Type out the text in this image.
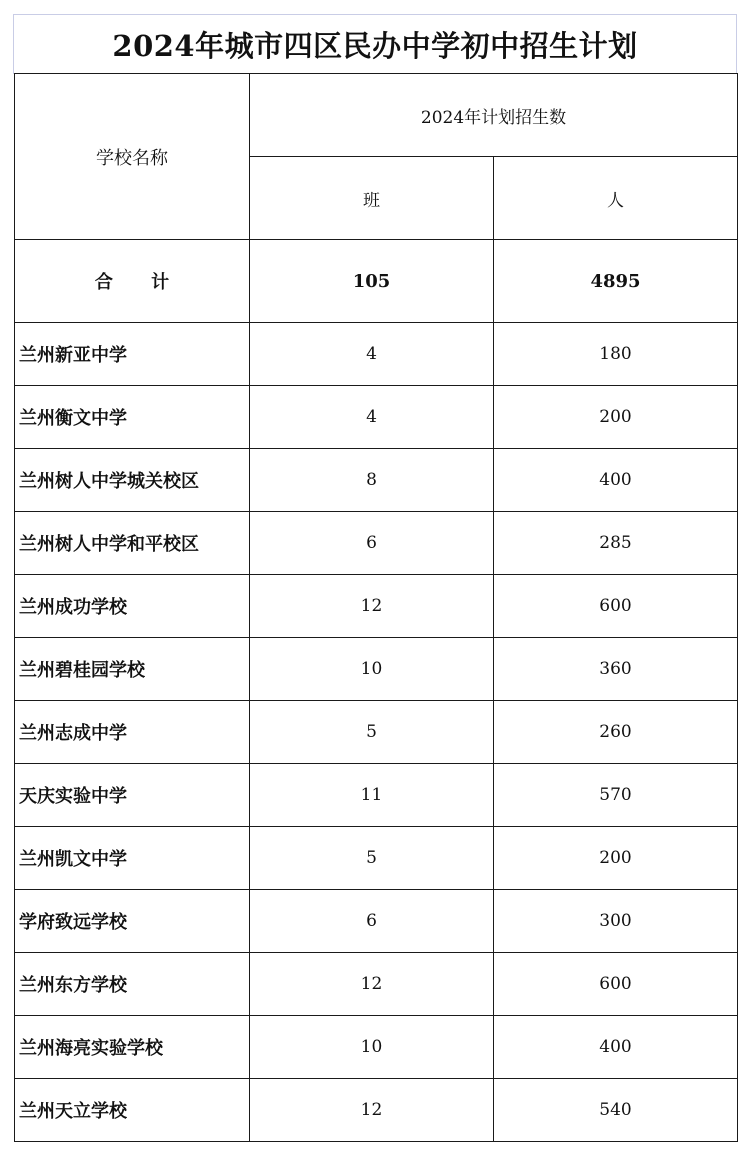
2024年城市四区民办中学初中招生计划
学校名称	2024年计划招生数	
	班	人
合 计	105	4895
兰州新亚中学	4	180
兰州衡文中学	4	200
兰州树人中学城关校区	8	400
兰州树人中学和平校区	6	285
兰州成功学校	12	600
兰州碧桂园学校	10	360
兰州志成中学	5	260
天庆实验中学	11	570
兰州凯文中学	5	200
学府致远学校	6	300
兰州东方学校	12	600
兰州海亮实验学校	10	400
兰州天立学校	12	540
